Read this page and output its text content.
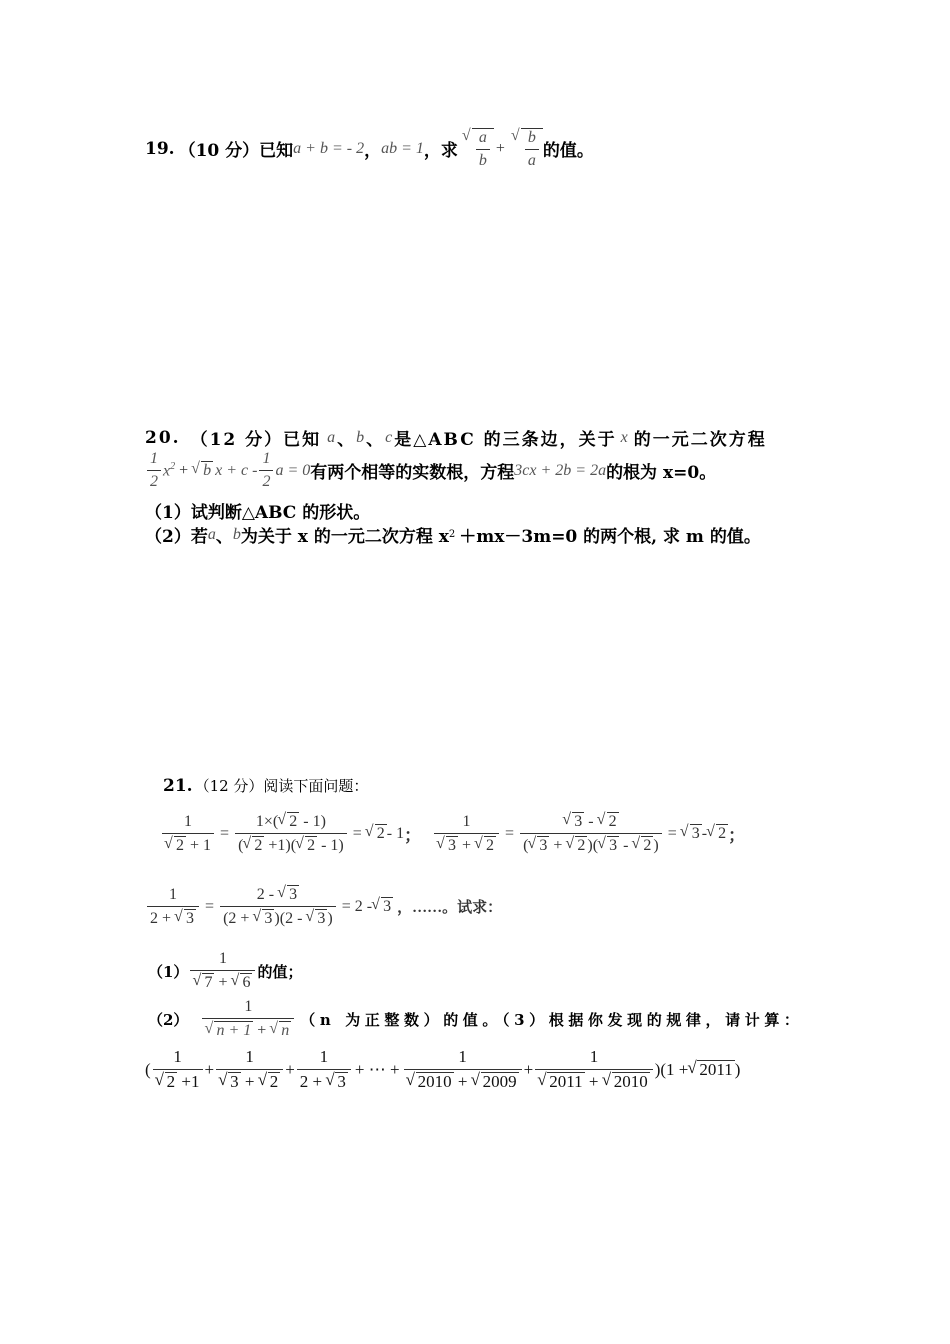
19. （10 分）已知 a + b = - 2 ， ab = 1 ，求 √ $\frac{a}{b}$ + √ $\frac{b}{a}$ 的值。
20. （12 分）已知 a 、 b 、 c 是△ABC 的三条边，关于 x 的一元二次方程
$\frac{1}{2} x^2$ + √ b $x + c - \frac{1}{2}$ a = 0 有两个相等的实数根，方程 3cx + 2b = 2a 的根为 x=0。
（1）试判断△ABC 的形状。
（2）若 a 、 b 为关于 x 的一元二次方程 x 2 ＋mx－3m=0 的两个根, 求 m 的值。
21. （12 分）阅读下面问题：
1
√ $2 + 1 = \frac{1\times( √ 2 - 1)}{( √ 2 +1)( √ 2 - 1)}$ = √ 2 - 1 ； 1
√ 3 + √ 2 = √ $\frac{3 - √ 2}{( √ 3 + √ 2 )( √ 3 - √ 2 )}$ = √ 3 - √ 2 ；
$\frac{1}{2 + √ 3} = \frac{2 - √ 3}{(2 + √ 3 )(2 - √ 3 )} = 2$ - √ 3 ，……。试求：
（1） 1
√ 7 + √ 6 的值；
（2） 1
√ n + 1 + √ n （n 为正整数）的值。（3）根据你发现的规律，请计算：
( 1
√ 2 +1 + 1
√ 3 + √ $2 + \frac{1}{2 + √ 3}$ + ⋯ + 1
√ 2010 + √ 2009 + 1
√ 2011 + √ 2010 )(1 + √ 2011 )
